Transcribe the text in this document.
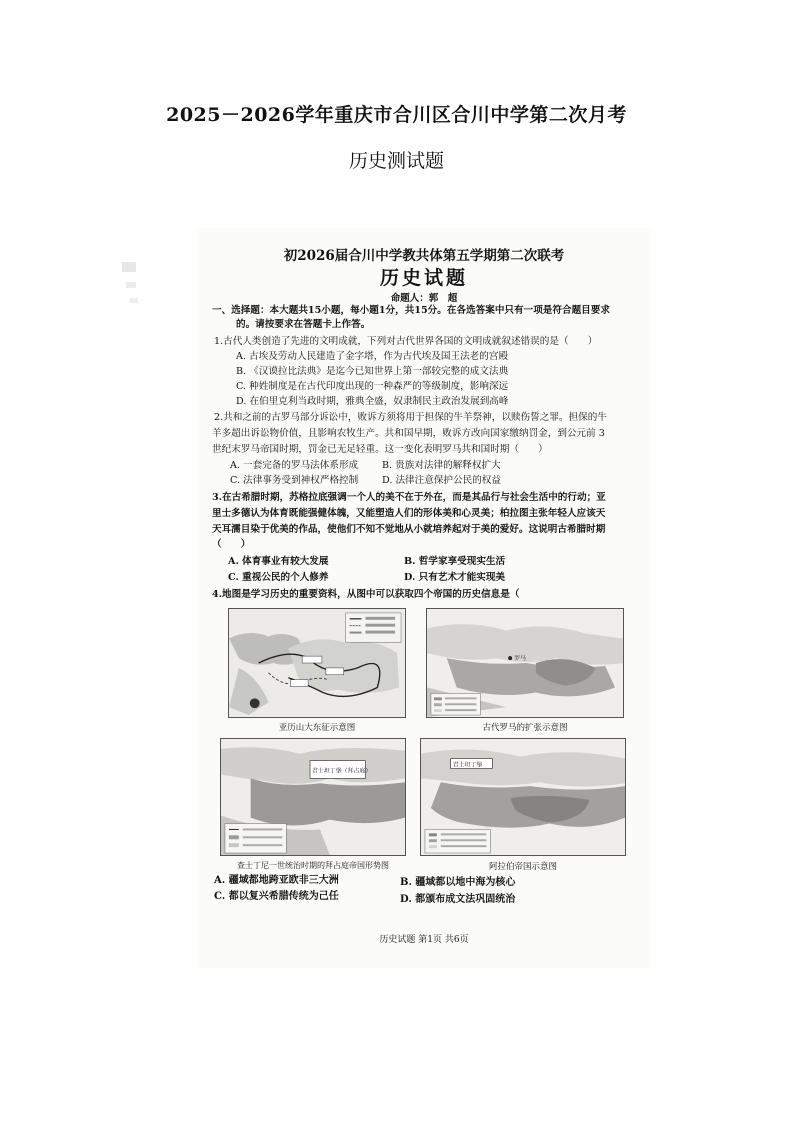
2025－2026学年重庆市合川区合川中学第二次月考
历史测试题
初2026届合川中学教共体第五学期第二次联考
历史试题
命题人：郭　超
一、选择题：本大题共15小题，每小题1分，共15分。在各选答案中只有一项是符合题目要求
的。请按要求在答题卡上作答。
1.古代人类创造了先进的文明成就，下列对古代世界各国的文明成就叙述错误的是（　　）
A. 古埃及劳动人民建造了金字塔，作为古代埃及国王法老的宫殿
B. 《汉谟拉比法典》是迄今已知世界上第一部较完整的成文法典
C. 种姓制度是在古代印度出现的一种森严的等级制度，影响深远
D. 在伯里克利当政时期，雅典全盛，奴隶制民主政治发展到高峰
2.共和之前的古罗马部分诉讼中，败诉方须将用于担保的牛羊祭神，以赎伤誓之罪。担保的牛
羊多超出诉讼物价值，且影响农牧生产。共和国早期，败诉方改向国家缴纳罚金，到公元前 3
世纪末罗马帝国时期，罚金已无足轻重。这一变化表明罗马共和国时期（　　）
A. 一套完备的罗马法体系形成 B. 贵族对法律的解释权扩大
C. 法律事务受到神权严格控制 D. 法律注意保护公民的权益
3.在古希腊时期，苏格拉底强调一个人的美不在于外在，而是其品行与社会生活中的行动；亚
里士多德认为体育既能强健体魄，又能塑造人们的形体美和心灵美；柏拉图主张年轻人应该天
天耳濡目染于优美的作品，使他们不知不觉地从小就培养起对于美的爱好。这说明古希腊时期
（　　）
A. 体育事业有较大发展	B. 哲学家享受现实生活
C. 重视公民的个人修养	D. 只有艺术才能实现美
4.地图是学习历史的重要资料，从图中可以获取四个帝国的历史信息是（
亚历山大东征示意图
罗马
古代罗马的扩张示意图
君士坦丁堡（拜占庭）
查士丁尼一世统治时期的拜占庭帝国形势图
君士坦丁堡
阿拉伯帝国示意图
A. 疆域都地跨亚欧非三大洲	B. 疆域都以地中海为核心
C. 都以复兴希腊传统为己任	D. 都颁布成文法巩固统治
历史试题 第1页 共6页
